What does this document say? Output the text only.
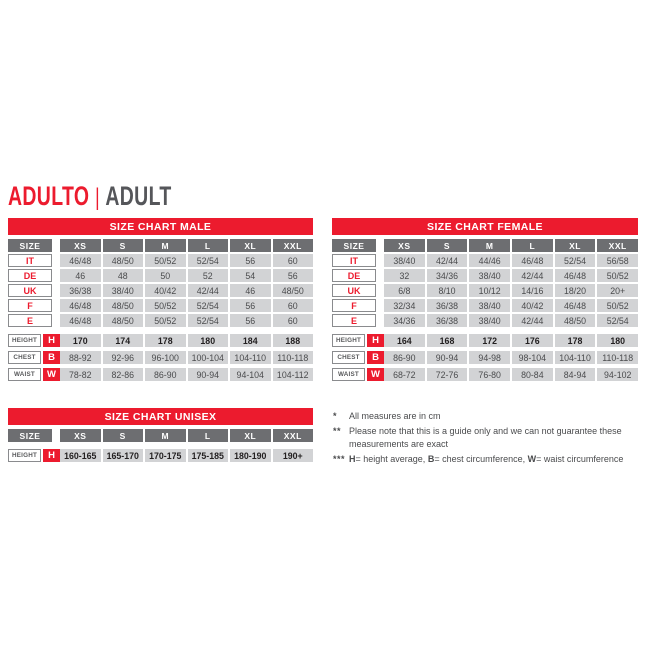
ADULTO | ADULT
SIZE CHART MALE
SIZE	XS	S	M	L	XL	XXL
IT	46/48	48/50	50/52	52/54	56	60
DE	46	48	50	52	54	56
UK	36/38	38/40	40/42	42/44	46	48/50
F	46/48	48/50	50/52	52/54	56	60
E	46/48	48/50	50/52	52/54	56	60
HEIGHT	H	170	174	178	180	184	188
CHEST	B	88-92	92-96	96-100	100-104	104-110	110-118
WAIST	W	78-82	82-86	86-90	90-94	94-104	104-112
SIZE CHART FEMALE
SIZE	XS	S	M	L	XL	XXL
IT	38/40	42/44	44/46	46/48	52/54	56/58
DE	32	34/36	38/40	42/44	46/48	50/52
UK	6/8	8/10	10/12	14/16	18/20	20+
F	32/34	36/38	38/40	40/42	46/48	50/52
E	34/36	36/38	38/40	42/44	48/50	52/54
HEIGHT	H	164	168	172	176	178	180
CHEST	B	86-90	90-94	94-98	98-104	104-110	110-118
WAIST	W	68-72	72-76	76-80	80-84	84-94	94-102
SIZE CHART UNISEX
SIZE	XS	S	M	L	XL	XXL
HEIGHT	H	160-165	165-170	170-175	175-185	180-190	190+
*	All measures are in cm
** Please note that this is a guide only and we can not guarantee these measurements are exact
*** H= height average, B= chest circumference, W= waist circumference
